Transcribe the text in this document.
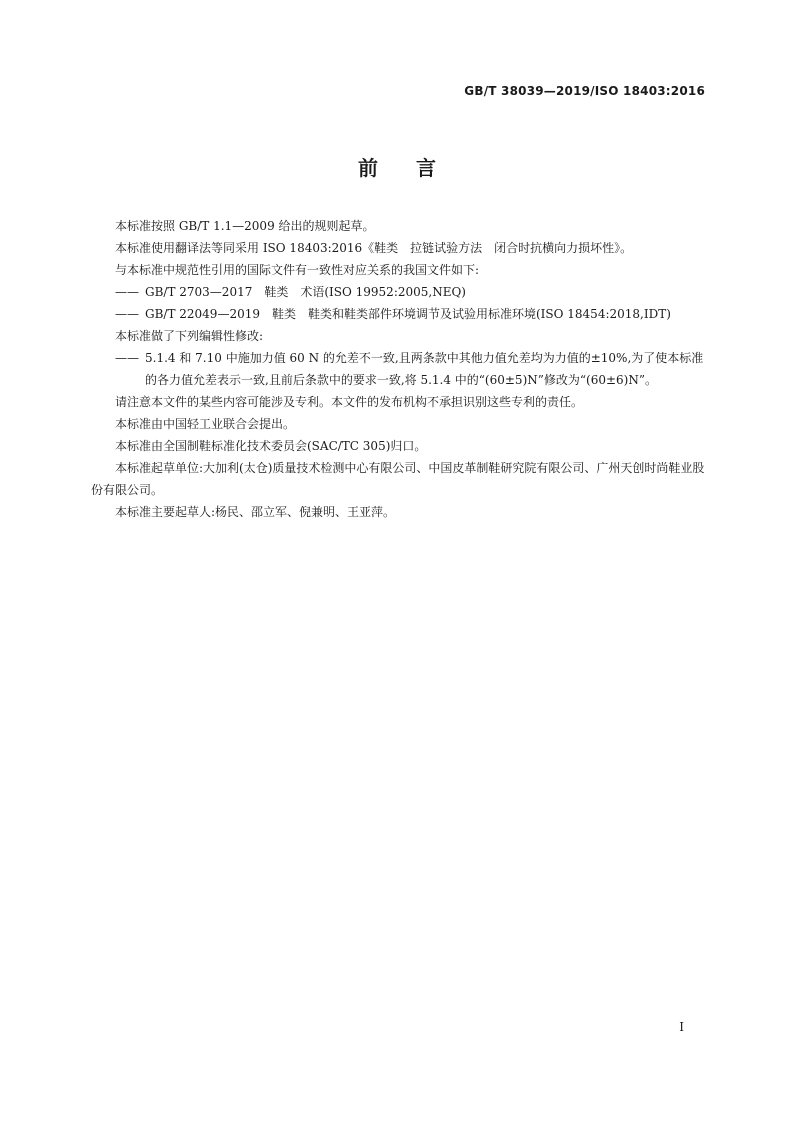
GB/T 38039—2019/ISO 18403:2016
前言

本标准按照 GB/T 1.1—2009 给出的规则起草。

本标准使用翻译法等同采用 ISO 18403:2016《鞋类　拉链试验方法　闭合时抗横向力损坏性》。

与本标准中规范性引用的国际文件有一致性对应关系的我国文件如下:

—— GB/T 2703—2017　鞋类　术语(ISO 19952:2005,NEQ)

—— GB/T 22049—2019　鞋类　鞋类和鞋类部件环境调节及试验用标准环境(ISO 18454:2018,IDT)

本标准做了下列编辑性修改:

—— 5.1.4 和 7.10 中施加力值 60 N 的允差不一致,且两条款中其他力值允差均为力值的±10%,为了使本标准的各力值允差表示一致,且前后条款中的要求一致,将 5.1.4 中的“(60±5)N”修改为“(60±6)N”。

请注意本文件的某些内容可能涉及专利。本文件的发布机构不承担识别这些专利的责任。

本标准由中国轻工业联合会提出。

本标准由全国制鞋标准化技术委员会(SAC/TC 305)归口。

本标准起草单位:大加利(太仓)质量技术检测中心有限公司、中国皮革制鞋研究院有限公司、广州天创时尚鞋业股份有限公司。

本标准主要起草人:杨民、邵立军、倪兼明、王亚萍。

I
